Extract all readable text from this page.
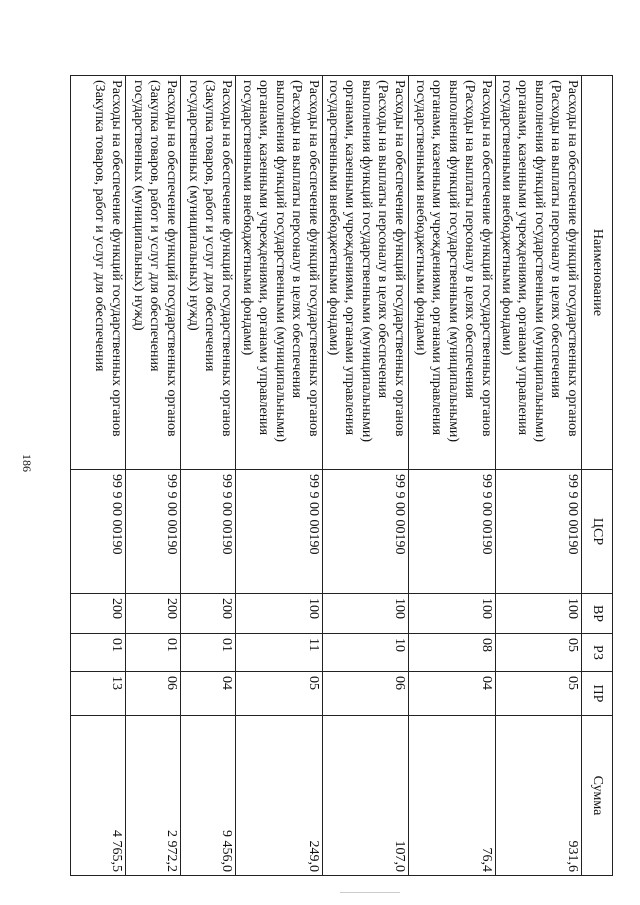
186
Наименование	ЦСР	ВР	РЗ	ПР	Сумма
Расходы на обеспечение функций государственных органов (Расходы на выплаты персоналу в целях обеспечения выполнения функций государственными (муниципальными) органами, казенными учреждениями, органами управления государственными внебюджетными фондами)	99 9 00 00190	100	05	05	931,6
Расходы на обеспечение функций государственных органов (Расходы на выплаты персоналу в целях обеспечения выполнения функций государственными (муниципальными) органами, казенными учреждениями, органами управления государственными внебюджетными фондами)	99 9 00 00190	100	08	04	76,4
Расходы на обеспечение функций государственных органов (Расходы на выплаты персоналу в целях обеспечения выполнения функций государственными (муниципальными) органами, казенными учреждениями, органами управления государственными внебюджетными фондами)	99 9 00 00190	100	10	06	107,0
Расходы на обеспечение функций государственных органов (Расходы на выплаты персоналу в целях обеспечения выполнения функций государственными (муниципальными) органами, казенными учреждениями, органами управления государственными внебюджетными фондами)	99 9 00 00190	100	11	05	249,0
Расходы на обеспечение функций государственных органов (Закупка товаров, работ и услуг для обеспечения государственных (муниципальных) нужд)	99 9 00 00190	200	01	04	9 456,0
Расходы на обеспечение функций государственных органов (Закупка товаров, работ и услуг для обеспечения государственных (муниципальных) нужд)	99 9 00 00190	200	01	06	2 972,2
Расходы на обеспечение функций государственных органов (Закупка товаров, работ и услуг для обеспечения	99 9 00 00190	200	01	13	4 765,5
